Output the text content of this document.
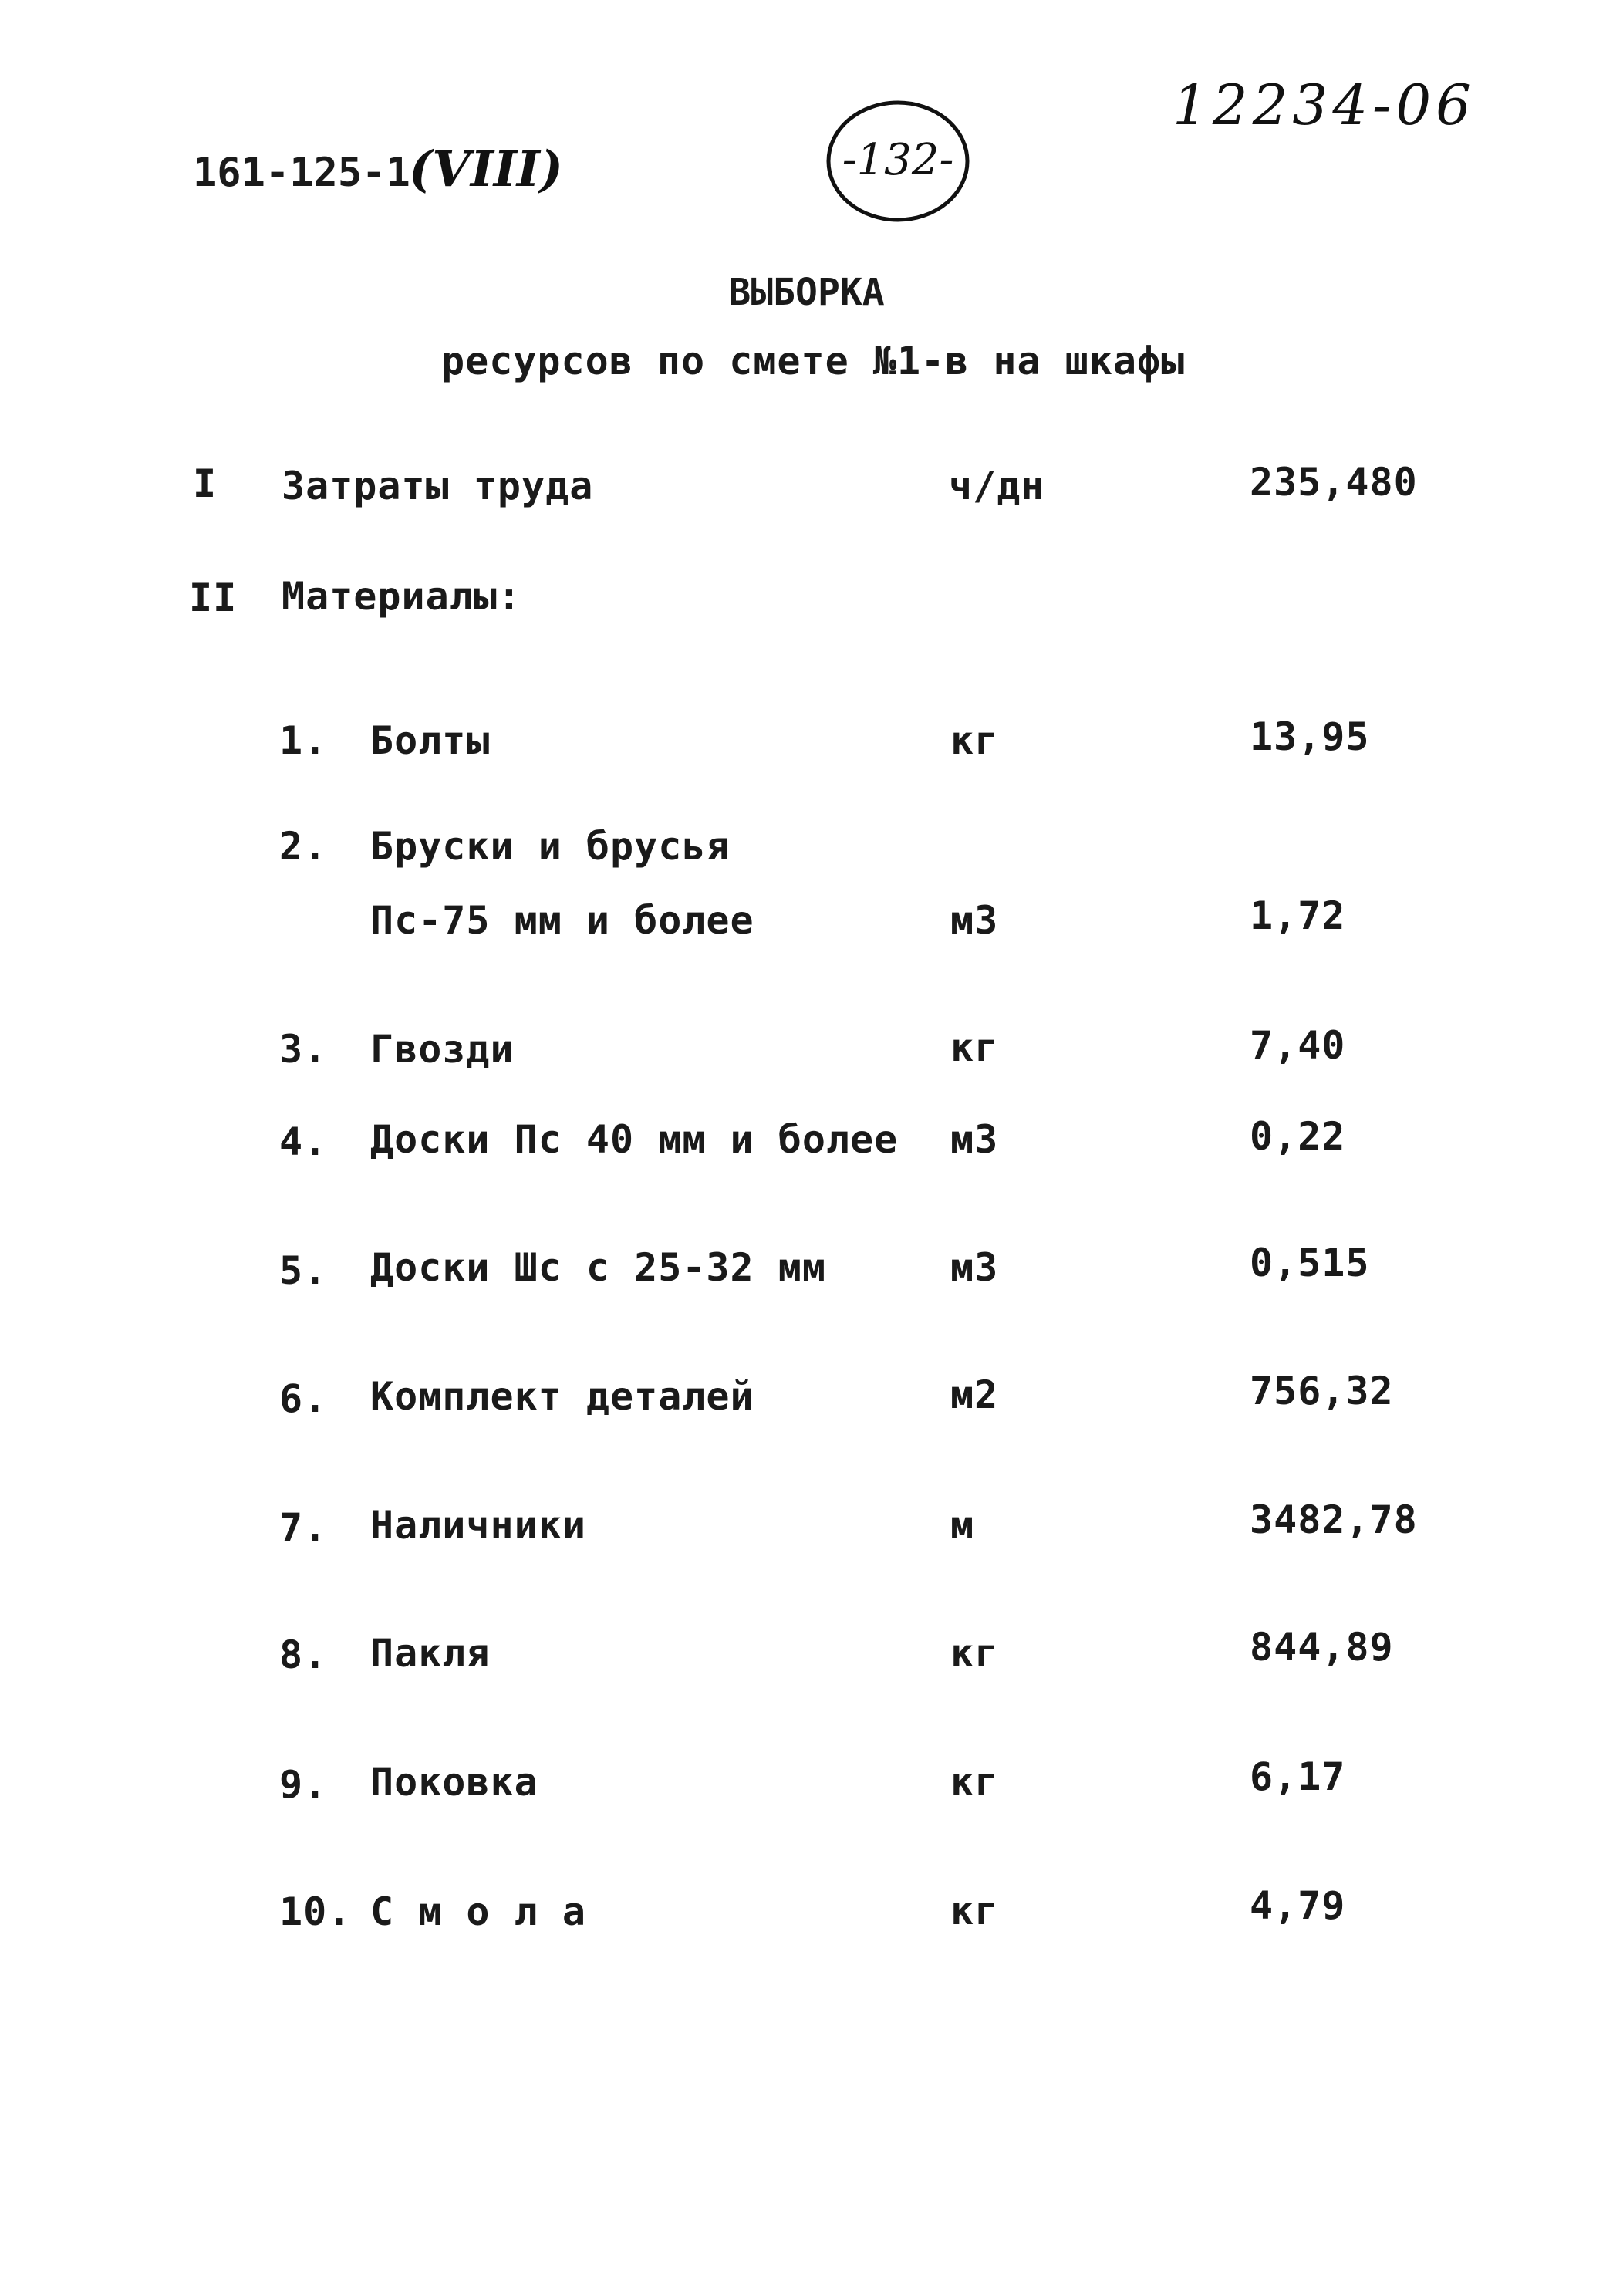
161-125-1
(VIII)	-132-
12234-06
ВЫБОРКА
ресурсов по смете №1-в на шкафы
I Затраты труда	ч/дн	235,480
II Материалы:
1. Болты	кг	13,95
2. Бруски и брусья
Пс-75 мм и более	м3	1,72
3. Гвозди	кг	7,40
4. Доски Пс 40 мм и более м3	0,22
5. Доски Шс с 25-32 мм	м3	0,515
6. Комплект деталей	м2	756,32
7. Наличники	м	3482,78
8. Пакля	кг	844,89
9. Поковка	кг	6,17
10. С м о л а	кг	4,79
